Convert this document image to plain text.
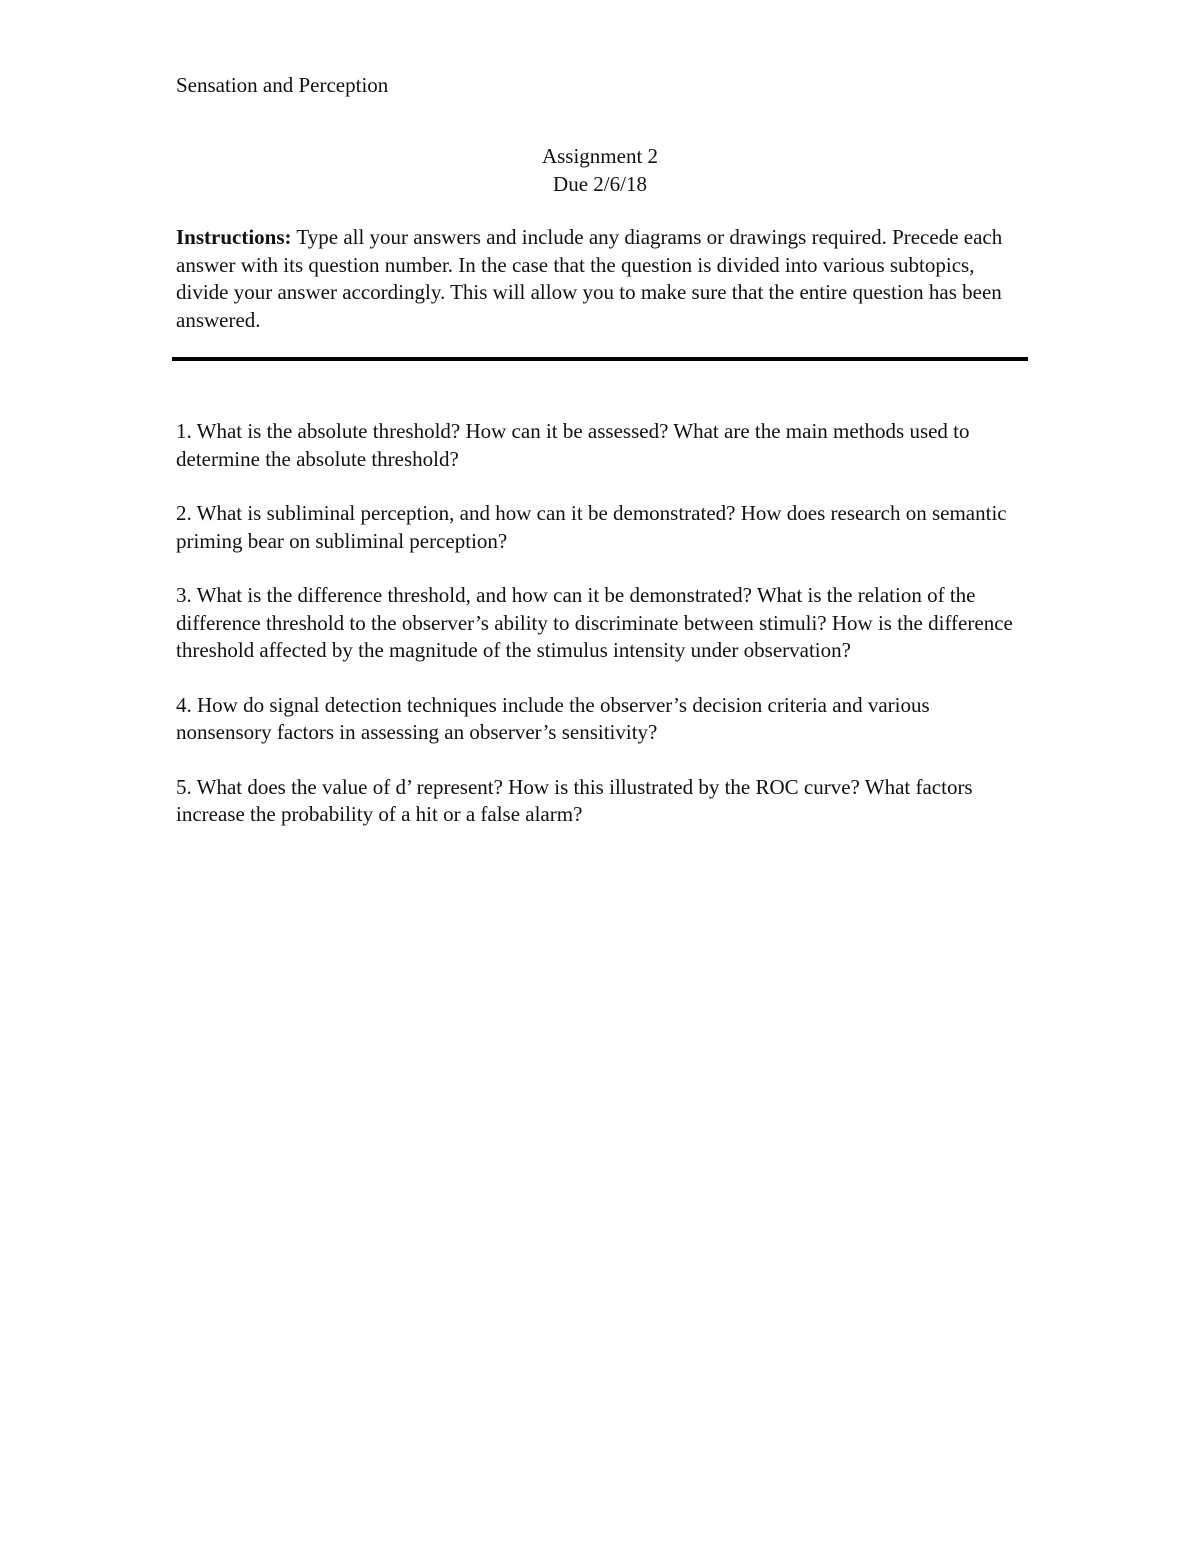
Sensation and Perception
Assignment 2
Due 2/6/18
Instructions: Type all your answers and include any diagrams or drawings required. Precede each answer with its question number. In the case that the question is divided into various subtopics, divide your answer accordingly. This will allow you to make sure that the entire question has been answered.

1. What is the absolute threshold? How can it be assessed? What are the main methods used to determine the absolute threshold?

2. What is subliminal perception, and how can it be demonstrated? How does research on semantic priming bear on subliminal perception?

3. What is the difference threshold, and how can it be demonstrated? What is the relation of the difference threshold to the observer’s ability to discriminate between stimuli? How is the difference threshold affected by the magnitude of the stimulus intensity under observation?

4. How do signal detection techniques include the observer’s decision criteria and various nonsensory factors in assessing an observer’s sensitivity?

5. What does the value of d’ represent? How is this illustrated by the ROC curve? What factors increase the probability of a hit or a false alarm?
